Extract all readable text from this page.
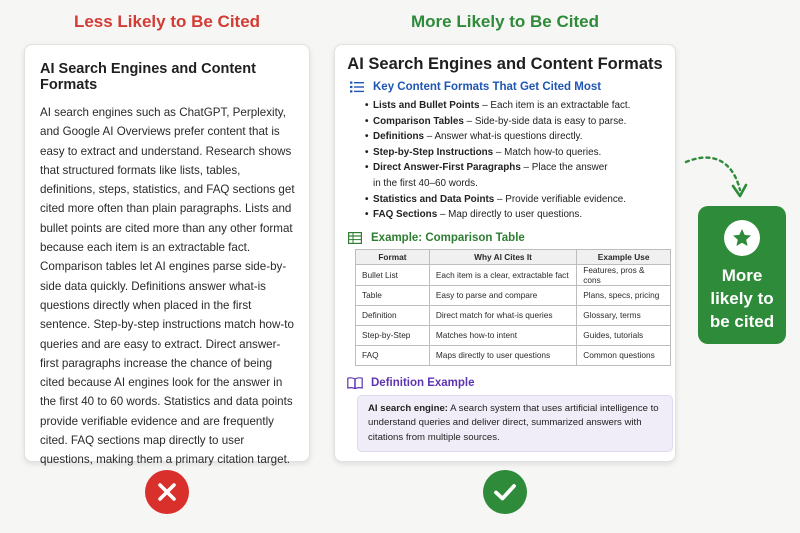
Less Likely to Be Cited	More Likely to Be Cited
AI Search Engines and Content Formats

AI search engines such as ChatGPT, Perplexity, and Google AI Overviews prefer content that is easy to extract and understand. Research shows that structured formats like lists, tables, definitions, steps, statistics, and FAQ sections get cited more often than plain paragraphs. Lists and bullet points are cited more than any other format because each item is an extractable fact. Comparison tables let AI engines parse side-by-side data quickly. Definitions answer what-is questions directly when placed in the first sentence. Step-by-step instructions match how-to queries and are easy to extract. Direct answer-first paragraphs increase the chance of being cited because AI engines look for the answer in the first 40 to 60 words. Statistics and data points provide verifiable evidence and are frequently cited. FAQ sections map directly to user questions, making them a primary citation target.

AI Search Engines and Content Formats
Key Content Formats That Get Cited Most
• Lists and Bullet Points – Each item is an extractable fact.
• Comparison Tables – Side-by-side data is easy to parse.
• Definitions – Answer what-is questions directly.
• Step-by-Step Instructions – Match how-to queries.
• Direct Answer-First Paragraphs – Place the answer in the first 40–60 words.
• Statistics and Data Points – Provide verifiable evidence.
• FAQ Sections – Map directly to user questions.
Example: Comparison Table
Format	Why AI Cites It	Example Use
Bullet List	Each item is a clear, extractable fact	Features, pros & cons
Table	Easy to parse and compare	Plans, specs, pricing
Definition	Direct match for what-is queries	Glossary, terms
Step-by-Step	Matches how-to intent	Guides, tutorials
FAQ	Maps directly to user questions	Common questions
Definition Example
AI search engine: A search system that uses artificial intelligence to understand queries and deliver direct, summarized answers with citations from multiple sources.
More
likely to
be cited
